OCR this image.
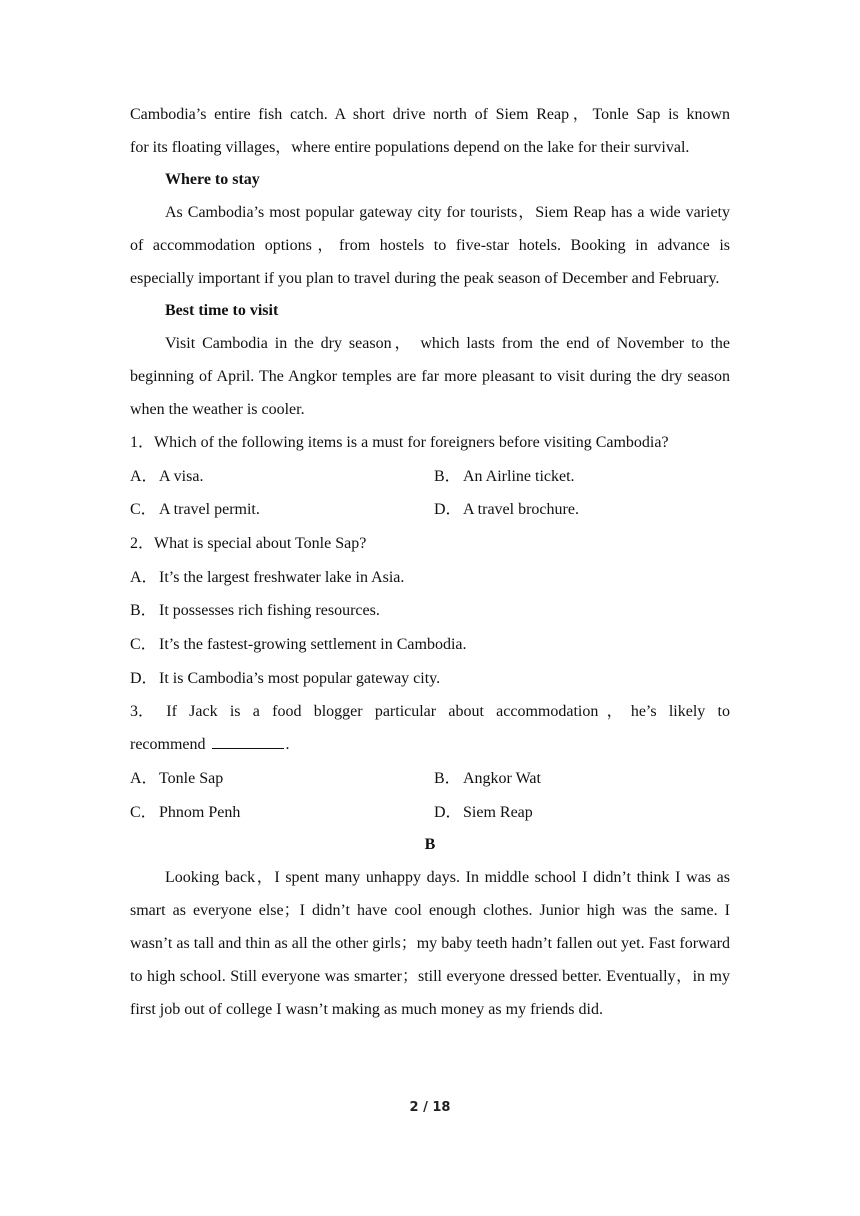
Cambodia’s entire fish catch. A short drive north of Siem Reap，Tonle Sap is known

for its floating villages，where entire populations depend on the lake for their survival.

Where to stay

As Cambodia’s most popular gateway city for tourists，Siem Reap has a wide variety of accommodation options，from hostels to five-star hotels. Booking in advance is especially important if you plan to travel during the peak season of December and February.

Best time to visit

Visit Cambodia in the dry season， which lasts from the end of November to the beginning of April. The Angkor temples are far more pleasant to visit during the dry season when the weather is cooler.

1．Which of the following items is a must for foreigners before visiting Cambodia?

A．A visa.	B． An Airline ticket.
C． A travel permit.	D．A travel brochure.

2．What is special about Tonle Sap?

A．It’s the largest freshwater lake in Asia.

B． It possesses rich fishing resources.

C． It’s the fastest-growing settlement in Cambodia.

D．It is Cambodia’s most popular gateway city.

3． If Jack is a food blogger particular about accommodation，he’s likely to

recommend	.

A．Tonle Sap	B． Angkor Wat
C． Phnom Penh	D．Siem Reap

B

Looking back，I spent many unhappy days. In middle school I didn’t think I was as smart as everyone else；I didn’t have cool enough clothes. Junior high was the same. I wasn’t as tall and thin as all the other girls；my baby teeth hadn’t fallen out yet. Fast forward to high school. Still everyone was smarter；still everyone dressed better. Eventually，in my first job out of college I wasn’t making as much money as my friends did.

2 / 18
